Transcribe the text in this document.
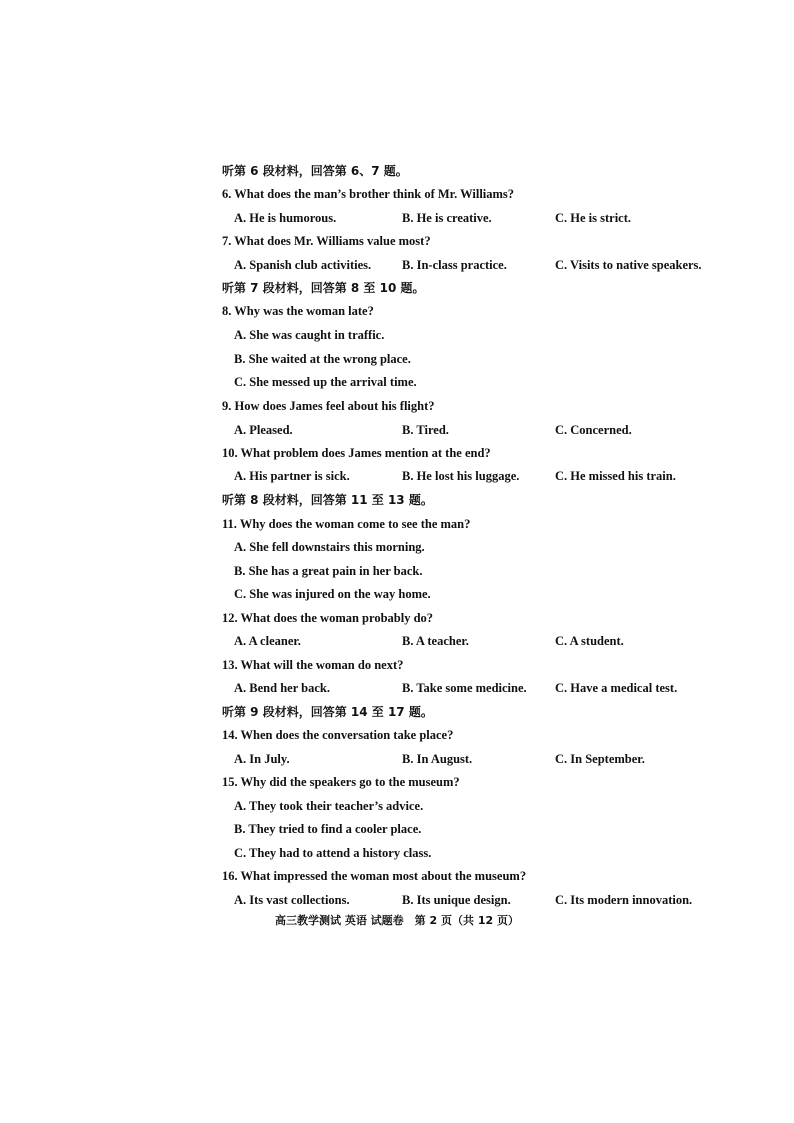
听第 6 段材料，回答第 6、7 题。
6. What does the man’s brother think of Mr. Williams?
A. He is humorous.	B. He is creative.	C. He is strict.
7. What does Mr. Williams value most?
A. Spanish club activities. B. In-class practice.	C. Visits to native speakers.
听第 7 段材料，回答第 8 至 10 题。
8. Why was the woman late?
A. She was caught in traffic.
B. She waited at the wrong place.
C. She messed up the arrival time.
9. How does James feel about his flight?
A. Pleased.	B. Tired.	C. Concerned.
10. What problem does James mention at the end?
A. His partner is sick.	B. He lost his luggage.	C. He missed his train.
听第 8 段材料，回答第 11 至 13 题。
11. Why does the woman come to see the man?
A. She fell downstairs this morning.
B. She has a great pain in her back.
C. She was injured on the way home.
12. What does the woman probably do?
A. A cleaner.	B. A teacher.	C. A student.
13. What will the woman do next?
A. Bend her back.	B. Take some medicine. C. Have a medical test.
听第 9 段材料，回答第 14 至 17 题。
14. When does the conversation take place?
A. In July.	B. In August.	C. In September.
15. Why did the speakers go to the museum?
A. They took their teacher’s advice.
B. They tried to find a cooler place.
C. They had to attend a history class.
16. What impressed the woman most about the museum?
A. Its vast collections.	B. Its unique design.	C. Its modern innovation.
高三教学测试 英语 试题卷　第 2 页（共 12 页）
